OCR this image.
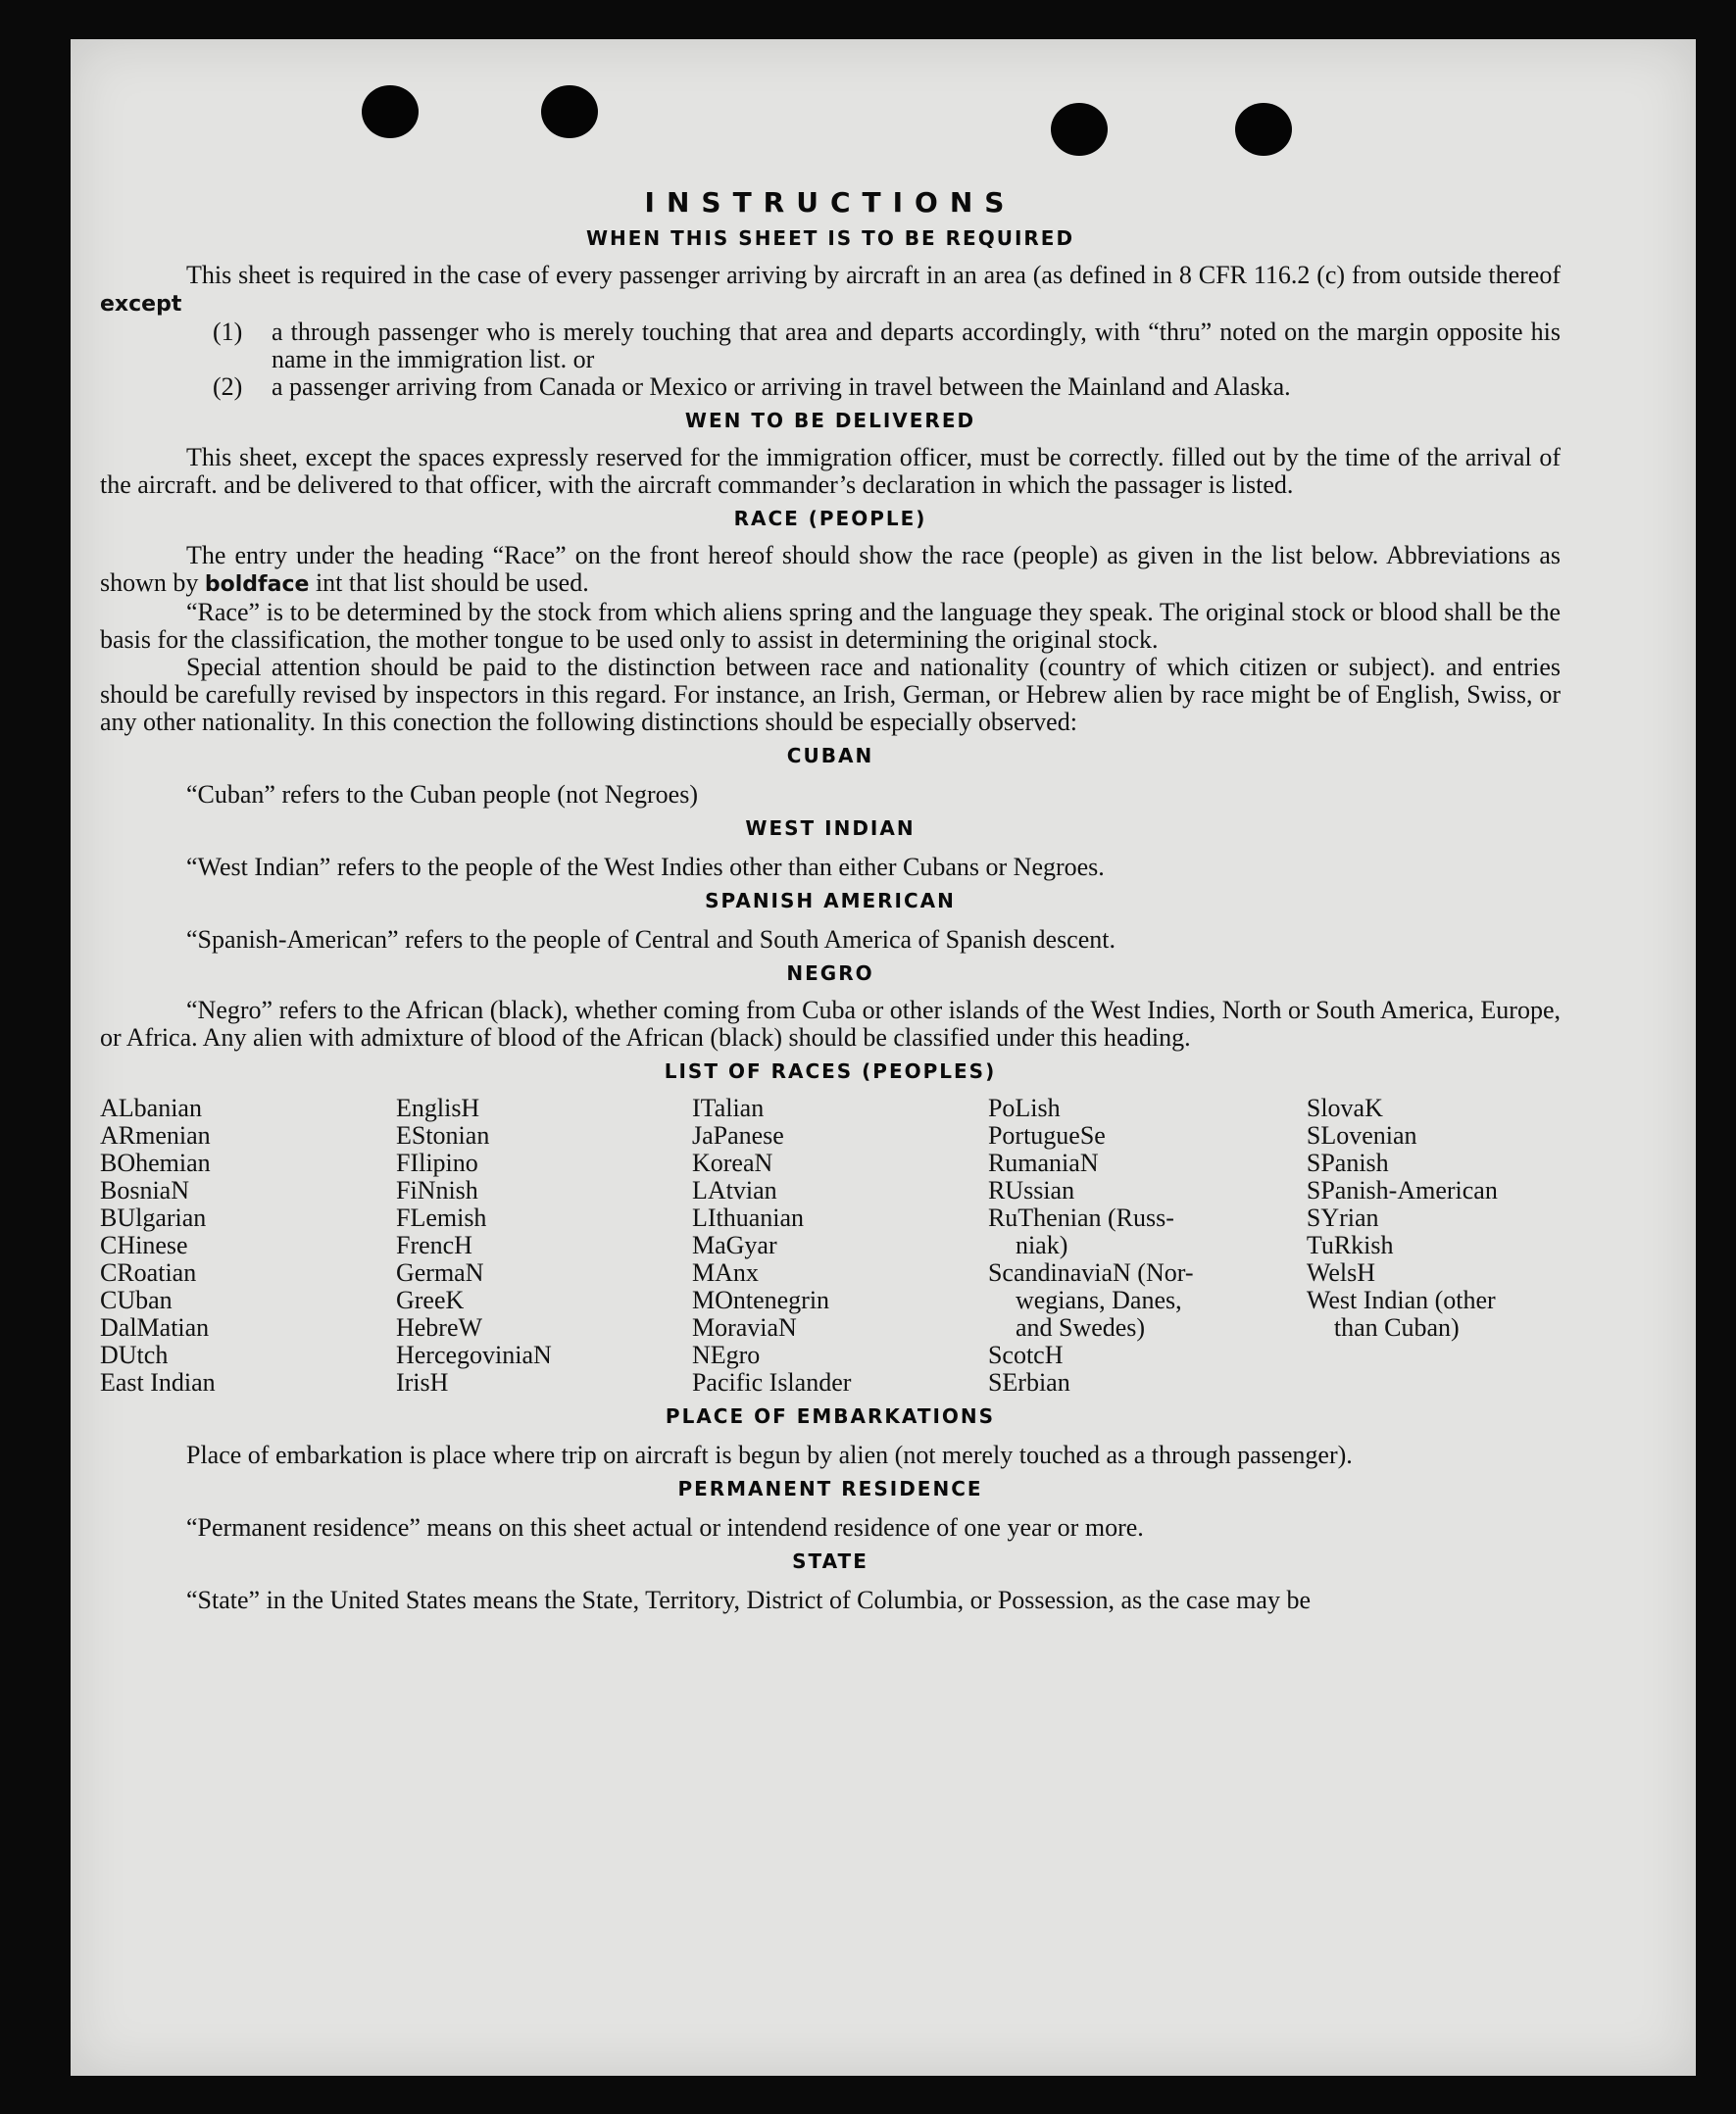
INSTRUCTIONS
WHEN THIS SHEET IS TO BE REQUIRED

This sheet is required in the case of every passenger arriving by aircraft in an area (as defined in 8 CFR 116.2 (c) from outside thereof except

(1) a through passenger who is merely touching that area and departs accordingly, with “thru” noted on the margin opposite his name in the immigration list. or
(2) a passenger arriving from Canada or Mexico or arriving in travel between the Mainland and Alaska.
WEN TO BE DELIVERED

This sheet, except the spaces expressly reserved for the immigration officer, must be correctly. filled out by the time of the arrival of the aircraft. and be delivered to that officer, with the aircraft commander’s declaration in which the passager is listed.

RACE (PEOPLE)

The entry under the heading “Race” on the front hereof should show the race (people) as given in the list below. Abbreviations as shown by boldface int that list should be used.

“Race” is to be determined by the stock from which aliens spring and the language they speak. The original stock or blood shall be the basis for the classification, the mother tongue to be used only to assist in determining the original stock.

Special attention should be paid to the distinction between race and nationality (country of which citizen or subject). and entries should be carefully revised by inspectors in this regard. For instance, an Irish, German, or Hebrew alien by race might be of English, Swiss, or any other nationality. In this conection the following distinctions should be especially observed:

CUBAN

“Cuban” refers to the Cuban people (not Negroes)

WEST INDIAN

“West Indian” refers to the people of the West Indies other than either Cubans or Negroes.

SPANISH AMERICAN

“Spanish-American” refers to the people of Central and South America of Spanish descent.

NEGRO

“Negro” refers to the African (black), whether coming from Cuba or other islands of the West Indies, North or South America, Europe, or Africa. Any alien with admixture of blood of the African (black) should be classified under this heading.

LIST OF RACES (PEOPLES)
ALbanian
ARmenian
BOhemian
BosniaN
BUlgarian
CHinese
CRoatian
CUban
DalMatian
DUtch
East Indian
EnglisH
EStonian
FIlipino
FiNnish
FLemish
FrencH
GermaN
GreeK
HebreW
HercegoviniaN
IrisH
ITalian
JaPanese
KoreaN
LAtvian
LIthuanian
MaGyar
MAnx
MOntenegrin
MoraviaN
NEgro
Pacific Islander
PoLish
PortugueSe
RumaniaN
RUssian
RuThenian (Russ-
niak)
ScandinaviaN (Nor-
wegians, Danes,
and Swedes)
ScotcH
SErbian
SlovaK
SLovenian
SPanish
SPanish-American
SYrian
TuRkish
WelsH
West Indian (other
than Cuban)
PLACE OF EMBARKATIONS

Place of embarkation is place where trip on aircraft is begun by alien (not merely touched as a through passenger).

PERMANENT RESIDENCE

“Permanent residence” means on this sheet actual or intendend residence of one year or more.

STATE

“State” in the United States means the State, Territory, District of Columbia, or Possession, as the case may be
